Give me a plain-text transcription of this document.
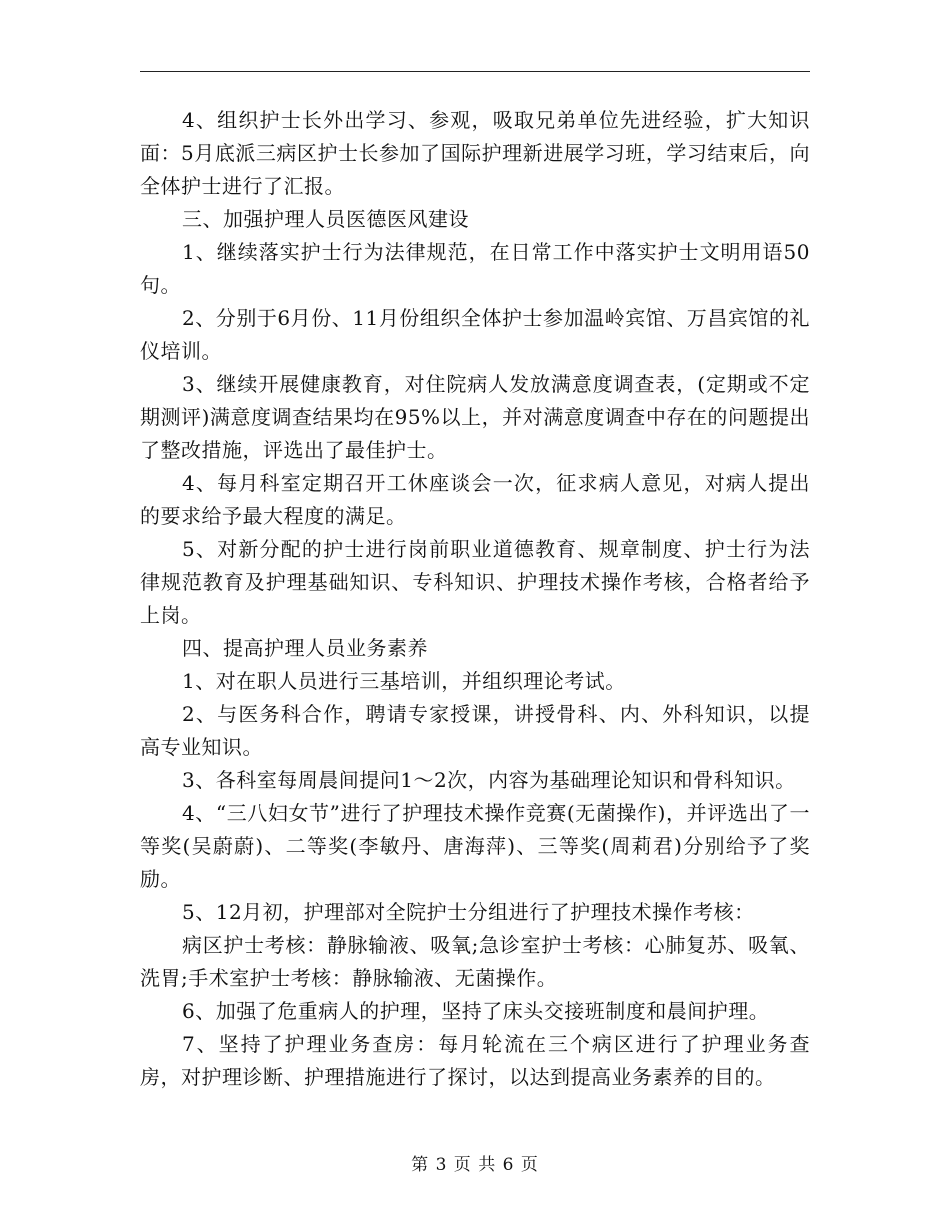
4、组织护士长外出学习、参观，吸取兄弟单位先进经验，扩大知识面：5月底派三病区护士长参加了国际护理新进展学习班，学习结束后，向全体护士进行了汇报。

三、加强护理人员医德医风建设

1、继续落实护士行为法律规范，在日常工作中落实护士文明用语50句。

2、分别于6月份、11月份组织全体护士参加温岭宾馆、万昌宾馆的礼仪培训。

3、继续开展健康教育，对住院病人发放满意度调查表，(定期或不定期测评)满意度调查结果均在95%以上，并对满意度调查中存在的问题提出了整改措施，评选出了最佳护士。

4、每月科室定期召开工休座谈会一次，征求病人意见，对病人提出的要求给予最大程度的满足。

5、对新分配的护士进行岗前职业道德教育、规章制度、护士行为法律规范教育及护理基础知识、专科知识、护理技术操作考核，合格者给予上岗。

四、提高护理人员业务素养

1、对在职人员进行三基培训，并组织理论考试。

2、与医务科合作，聘请专家授课，讲授骨科、内、外科知识，以提高专业知识。

3、各科室每周晨间提问1～2次，内容为基础理论知识和骨科知识。

4、“三八妇女节”进行了护理技术操作竞赛(无菌操作)，并评选出了一等奖(吴蔚蔚)、二等奖(李敏丹、唐海萍)、三等奖(周莉君)分别给予了奖励。

5、12月初，护理部对全院护士分组进行了护理技术操作考核：

病区护士考核：静脉输液、吸氧;急诊室护士考核：心肺复苏、吸氧、洗胃;手术室护士考核：静脉输液、无菌操作。

6、加强了危重病人的护理，坚持了床头交接班制度和晨间护理。

7、坚持了护理业务查房：每月轮流在三个病区进行了护理业务查房，对护理诊断、护理措施进行了探讨，以达到提高业务素养的目的。

第 3 页 共 6 页
